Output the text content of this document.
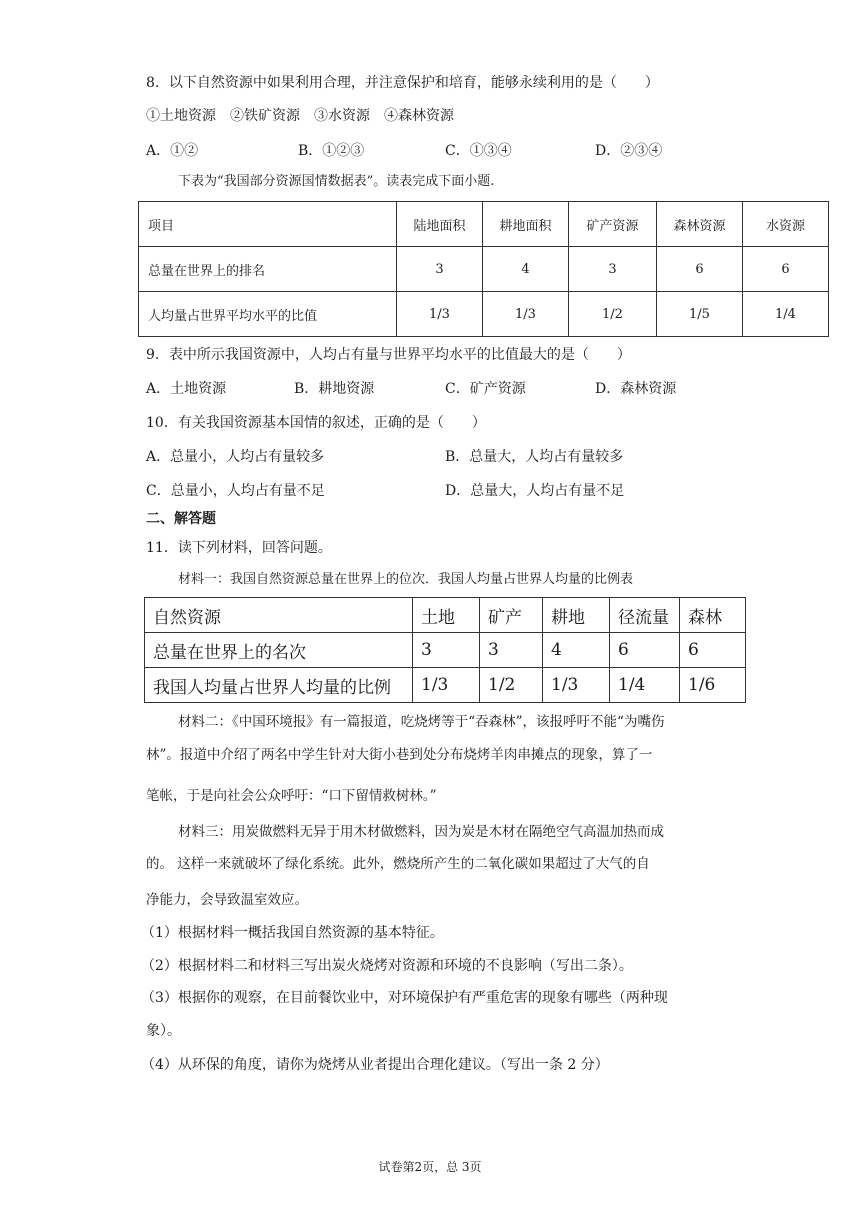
8．以下自然资源中如果利用合理，并注意保护和培育，能够永续利用的是（　　）
①土地资源　②铁矿资源　③水资源　④森林资源
A．①②	B．①②③	C．①③④	D．②③④
下表为“我国部分资源国情数据表”。读表完成下面小题.
项目	陆地面积	耕地面积	矿产资源	森林资源	水资源
总量在世界上的排名	3	4	3	6	6
人均量占世界平均水平的比值	1/3	1/3	1/2	1/5	1/4
9．表中所示我国资源中，人均占有量与世界平均水平的比值最大的是（　　）
A．土地资源	B．耕地资源	C．矿产资源	D．森林资源
10．有关我国资源基本国情的叙述，正确的是（　　）
A．总量小，人均占有量较多	B．总量大，人均占有量较多
C．总量小，人均占有量不足	D．总量大，人均占有量不足
二、解答题
11．读下列材料，回答问题。
材料一：我国自然资源总量在世界上的位次．我国人均量占世界人均量的比例表
自然资源	土地	矿产	耕地	径流量	森林
总量在世界上的名次	3	3	4	6	6
我国人均量占世界人均量的比例	1/3	1/2	1/3	1/4	1/6
材料二：《中国环境报》有一篇报道，吃烧烤等于“吞森林”，该报呼吁不能“为嘴伤
林”。报道中介绍了两名中学生针对大街小巷到处分布烧烤羊肉串摊点的现象，算了一
笔帐，于是向社会公众呼吁：“口下留情救树林。”
材料三：用炭做燃料无异于用木材做燃料，因为炭是木材在隔绝空气高温加热而成
的。 这样一来就破坏了绿化系统。此外，燃烧所产生的二氧化碳如果超过了大气的自
净能力，会导致温室效应。
（1）根据材料一概括我国自然资源的基本特征。
（2）根据材料二和材料三写出炭火烧烤对资源和环境的不良影响（写出二条）。
（3）根据你的观察，在目前餐饮业中，对环境保护有严重危害的现象有哪些（两种现
象）。
（4）从环保的角度，请你为烧烤从业者提出合理化建议。（写出一条 2 分）
试卷第2页，总 3页
